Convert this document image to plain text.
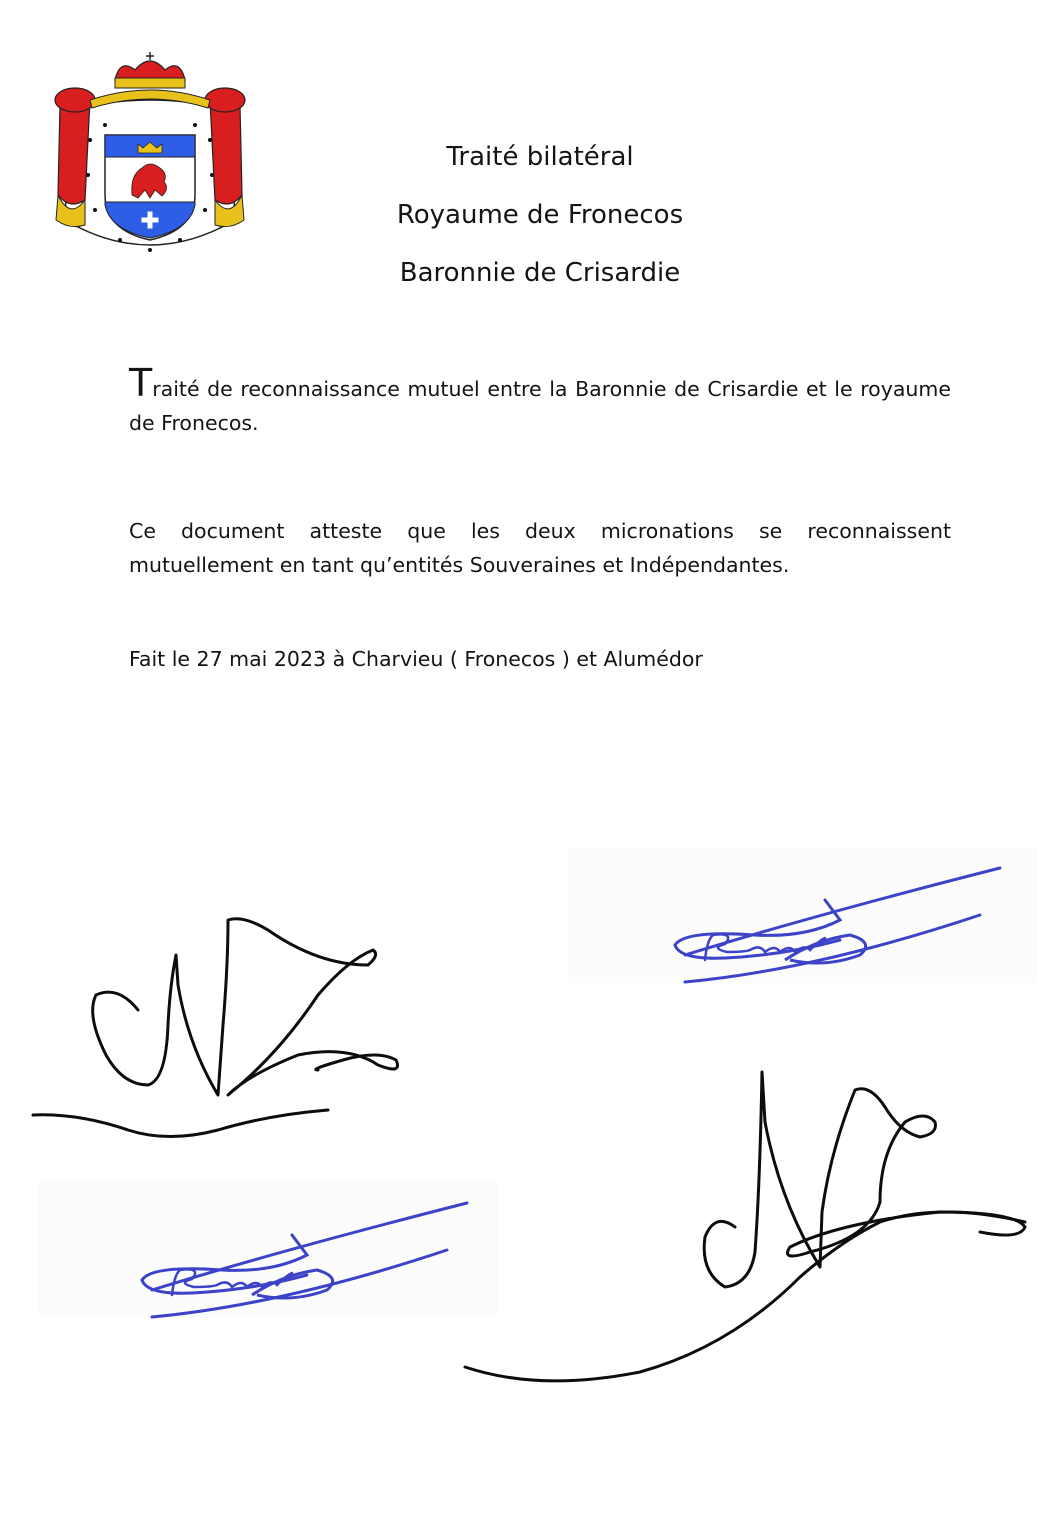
Traité bilatéral
Royaume de Fronecos
Baronnie de Crisardie
Traité de reconnaissance mutuel entre la Baronnie de Crisardie et le royaume de Fronecos.
Ce document atteste que les deux micronations se reconnaissent mutuellement en tant qu’entités Souveraines et Indépendantes.
Fait le 27 mai 2023 à Charvieu ( Fronecos ) et Alumédor
